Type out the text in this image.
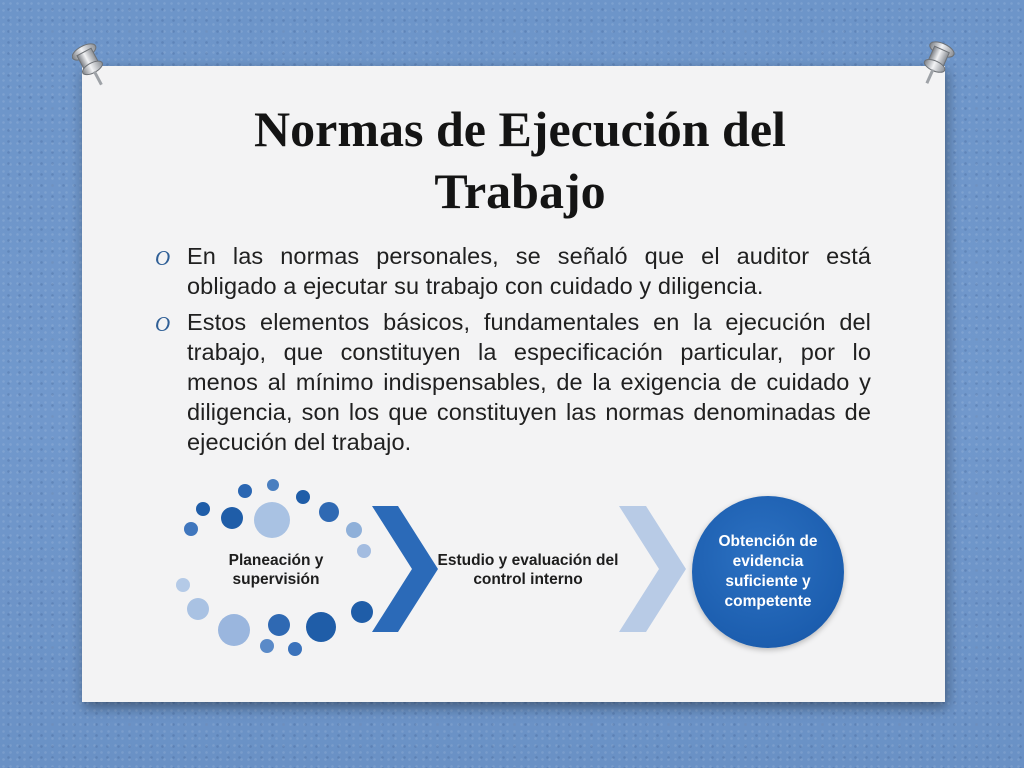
Normas de Ejecución del
Trabajo
O En las normas personales, se señaló que el auditor está obligado a ejecutar su trabajo con cuidado y diligencia.
O Estos elementos básicos, fundamentales en la ejecución del trabajo, que constituyen la especificación particular, por lo menos al mínimo indispensables, de la exigencia de cuidado y diligencia, son los que constituyen las normas denominadas de ejecución del trabajo.
Planeación y supervisión
Estudio y evaluación del control interno
Obtención de evidencia suficiente y competente
